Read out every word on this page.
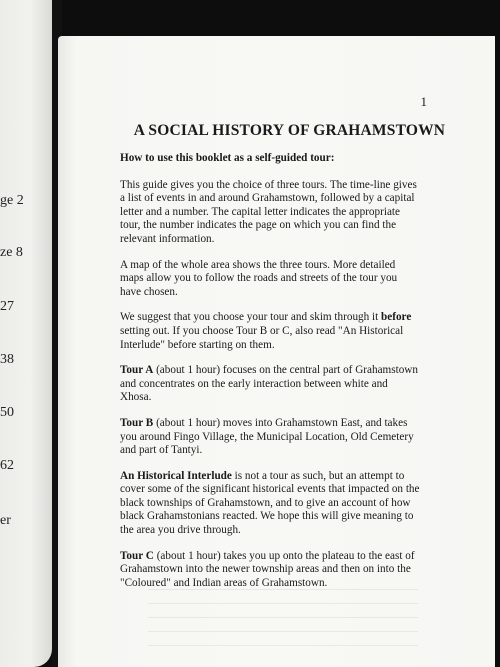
ge 2
ze 8
27
38
50
62
er
1
A SOCIAL HISTORY OF GRAHAMSTOWN

How to use this booklet as a self-guided tour:

This guide gives you the choice of three tours. The time-line gives a list of events in and around Grahamstown, followed by a capital letter and a number. The capital letter indicates the appropriate tour, the number indicates the page on which you can find the relevant information.

A map of the whole area shows the three tours. More detailed maps allow you to follow the roads and streets of the tour you have chosen.

We suggest that you choose your tour and skim through it before setting out. If you choose Tour B or C, also read "An Historical Interlude" before starting on them.

Tour A (about 1 hour) focuses on the central part of Grahamstown and concentrates on the early interaction between white and Xhosa.

Tour B (about 1 hour) moves into Grahamstown East, and takes you around Fingo Village, the Municipal Location, Old Cemetery and part of Tantyi.

An Historical Interlude is not a tour as such, but an attempt to cover some of the significant historical events that impacted on the black townships of Grahamstown, and to give an account of how black Grahamstonians reacted. We hope this will give meaning to the area you drive through.

Tour C (about 1 hour) takes you up onto the plateau to the east of Grahamstown into the newer township areas and then on into the "Coloured" and Indian areas of Grahamstown.
